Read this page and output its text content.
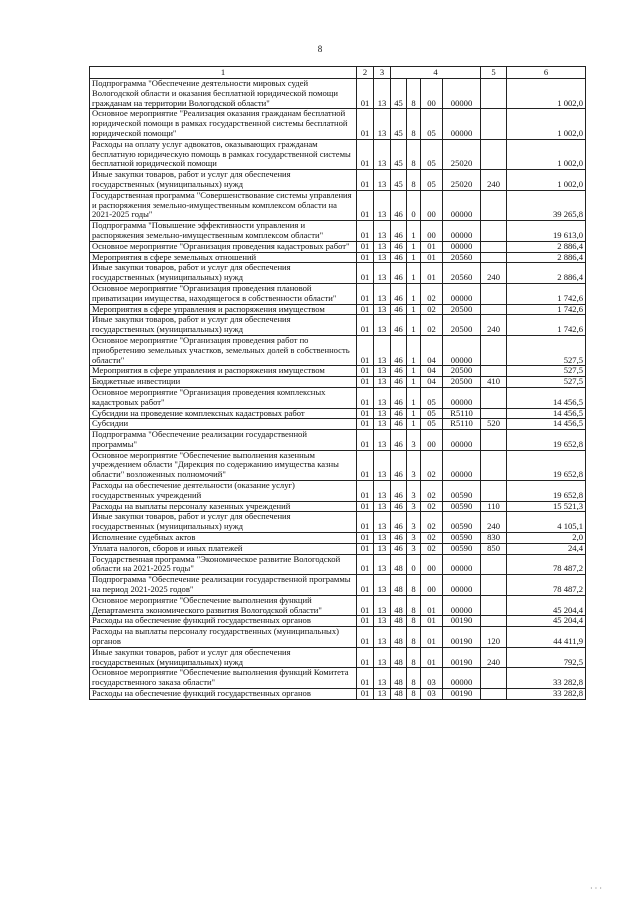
8
1	2	3	4				5	6
Подпрограмма "Обеспечение деятельности мировых судей Вологодской области и оказания бесплатной юридической помощи гражданам на территории Вологодской области"	01	13	45	8	00	00000		1 002,0
Основное мероприятие "Реализация оказания гражданам бесплатной юридической помощи в рамках государственной системы бесплатной юридической помощи"	01	13	45	8	05	00000		1 002,0
Расходы на оплату услуг адвокатов, оказывающих гражданам бесплатную юридическую помощь в рамках государственной системы бесплатной юридической помощи	01	13	45	8	05	25020		1 002,0
Иные закупки товаров, работ и услуг для обеспечения государственных (муниципальных) нужд	01	13	45	8	05	25020	240	1 002,0
Государственная программа "Совершенствование системы управления и распоряжения земельно-имущественным комплексом области на 2021-2025 годы"	01	13	46	0	00	00000		39 265,8
Подпрограмма "Повышение эффективности управления и распоряжения земельно-имущественным комплексом области"	01	13	46	1	00	00000		19 613,0
Основное мероприятие "Организация проведения кадастровых работ"	01	13	46	1	01	00000		2 886,4
Мероприятия в сфере земельных отношений	01	13	46	1	01	20560		2 886,4
Иные закупки товаров, работ и услуг для обеспечения государственных (муниципальных) нужд	01	13	46	1	01	20560	240	2 886,4
Основное мероприятие "Организация проведения плановой приватизации имущества, находящегося в собственности области"	01	13	46	1	02	00000		1 742,6
Мероприятия в сфере управления и распоряжения имуществом	01	13	46	1	02	20500		1 742,6
Иные закупки товаров, работ и услуг для обеспечения государственных (муниципальных) нужд	01	13	46	1	02	20500	240	1 742,6
Основное мероприятие "Организация проведения работ по приобретению земельных участков, земельных долей в собственность области"	01	13	46	1	04	00000		527,5
Мероприятия в сфере управления и распоряжения имуществом	01	13	46	1	04	20500		527,5
Бюджетные инвестиции	01	13	46	1	04	20500	410	527,5
Основное мероприятие "Организация проведения комплексных кадастровых работ"	01	13	46	1	05	00000		14 456,5
Субсидии на проведение комплексных кадастровых работ	01	13	46	1	05	R5110		14 456,5
Субсидии	01	13	46	1	05	R5110	520	14 456,5
Подпрограмма "Обеспечение реализации государственной программы"	01	13	46	3	00	00000		19 652,8
Основное мероприятие "Обеспечение выполнения казенным учреждением области "Дирекция по содержанию имущества казны области" возложенных полномочий"	01	13	46	3	02	00000		19 652,8
Расходы на обеспечение деятельности (оказание услуг) государственных учреждений	01	13	46	3	02	00590		19 652,8
Расходы на выплаты персоналу казенных учреждений	01	13	46	3	02	00590	110	15 521,3
Иные закупки товаров, работ и услуг для обеспечения государственных (муниципальных) нужд	01	13	46	3	02	00590	240	4 105,1
Исполнение судебных актов	01	13	46	3	02	00590	830	2,0
Уплата налогов, сборов и иных платежей	01	13	46	3	02	00590	850	24,4
Государственная программа "Экономическое развитие Вологодской области на 2021-2025 годы"	01	13	48	0	00	00000		78 487,2
Подпрограмма "Обеспечение реализации государственной программы на период 2021-2025 годов"	01	13	48	8	00	00000		78 487,2
Основное мероприятие "Обеспечение выполнения функций Департамента экономического развития Вологодской области"	01	13	48	8	01	00000		45 204,4
Расходы на обеспечение функций государственных органов	01	13	48	8	01	00190		45 204,4
Расходы на выплаты персоналу государственных (муниципальных) органов	01	13	48	8	01	00190	120	44 411,9
Иные закупки товаров, работ и услуг для обеспечения государственных (муниципальных) нужд	01	13	48	8	01	00190	240	792,5
Основное мероприятие "Обеспечение выполнения функций Комитета государственного заказа области"	01	13	48	8	03	00000		33 282,8
Расходы на обеспечение функций государственных органов	01	13	48	8	03	00190		33 282,8
· · ·
